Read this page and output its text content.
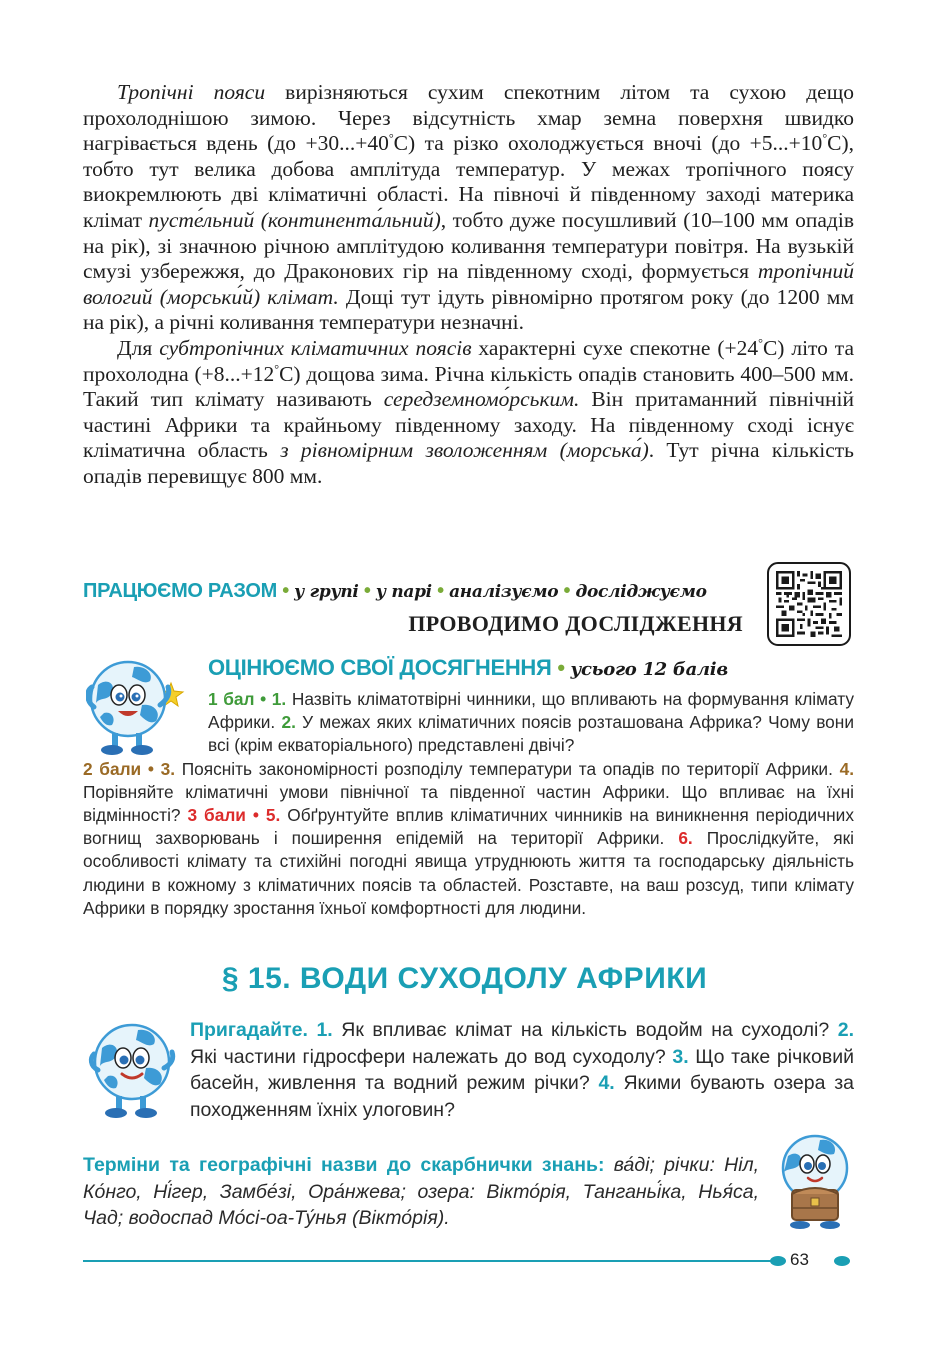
Тропічні пояси вирізняються сухим спекотним літом та сухою дещо прохолоднішою зимою. Через відсутність хмар земна поверхня швидко нагрівається вдень (до +30...+40°С) та різко охолоджується вночі (до +5...+10°С), тобто тут велика добова амплітуда температур. У межах тропічного поясу виокремлюють дві кліматичні області. На півночі й південному заході материка клімат пусте́льний (континента́льний), тобто дуже посушливий (10–100 мм опадів на рік), зі значною річною амплітудою коливання температури повітря. На вузькій смузі узбережжя, до Драконових гір на південному сході, формується тропічний вологий (морськи́й) клімат. Дощі тут ідуть рівномірно протягом року (до 1200 мм на рік), а річні коливання температури незначні.

Для субтропічних кліматичних поясів характерні сухе спекотне (+24°С) літо та прохолодна (+8...+12°С) дощова зима. Річна кількість опадів становить 400–500 мм. Такий тип клімату називають середземномо́рським. Він притаманний північній частині Африки та крайньому південному заходу. На південному сході існує кліматична область з рівномірним зволоженням (морська́). Тут річна кількість опадів перевищує 800 мм.

ПРАЦЮЄМО РАЗОМ • у групі • у парі • аналізуємо • досліджуємо
ПРОВОДИМО ДОСЛІДЖЕННЯ
ОЦІНЮЄМО СВОЇ ДОСЯГНЕННЯ • усього 12 балів
1 бал • 1. Назвіть кліматотвірні чинники, що впливають на формування клімату Африки. 2. У межах яких кліматичних поясів розташована Африка? Чому вони всі (крім екваторіального) представлені двічі?
2 бали • 3. Поясніть закономірності розподілу температури та опадів по території Африки. 4. Порівняйте кліматичні умови північної та південної частин Африки. Що впливає на їхні відмінності? 3 бали • 5. Обґрунтуйте вплив кліматичних чинників на виникнення періодичних вогнищ захворювань і поширення епідемій на території Африки. 6. Прослідкуйте, які особливості клімату та стихійні погодні явища утруднюють життя та господарську діяльність людини в кожному з кліматичних поясів та областей. Розставте, на ваш розсуд, типи клімату Африки в порядку зростання їхньої комфортності для людини.
§ 15. ВОДИ СУХОДОЛУ АФРИКИ
Пригадайте. 1. Як впливає клімат на кількість водойм на суходолі? 2. Які частини гідросфери належать до вод суходолу? 3. Що таке річковий басейн, живлення та водний режим річки? 4. Якими бувають озера за походженням їхніх улоговин?
Терміни та географічні назви до скарбнички знань: ва́ді; річки: Ніл, Ко́нго, Ні́гер, Замбе́зі, Ора́нжева; озера: Вікто́рія, Танганьі́ка, Нья́са, Чад; водоспад Мо́сі-оа-Ту́нья (Вікто́рія).
63
